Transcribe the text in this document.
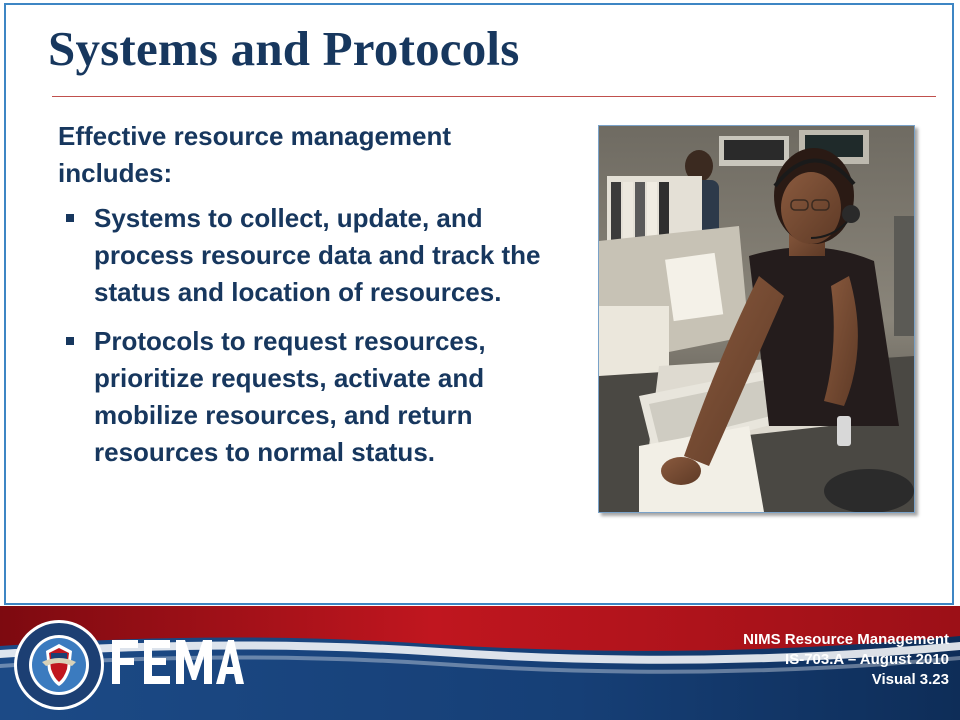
Systems and Protocols

Effective resource management includes:

Systems to collect, update, and process resource data and track the status and location of resources.
Protocols to request resources, prioritize requests, activate and mobilize resources, and return resources to normal status.

NIMS Resource Management

IS-703.A – August 2010

Visual 3.23
